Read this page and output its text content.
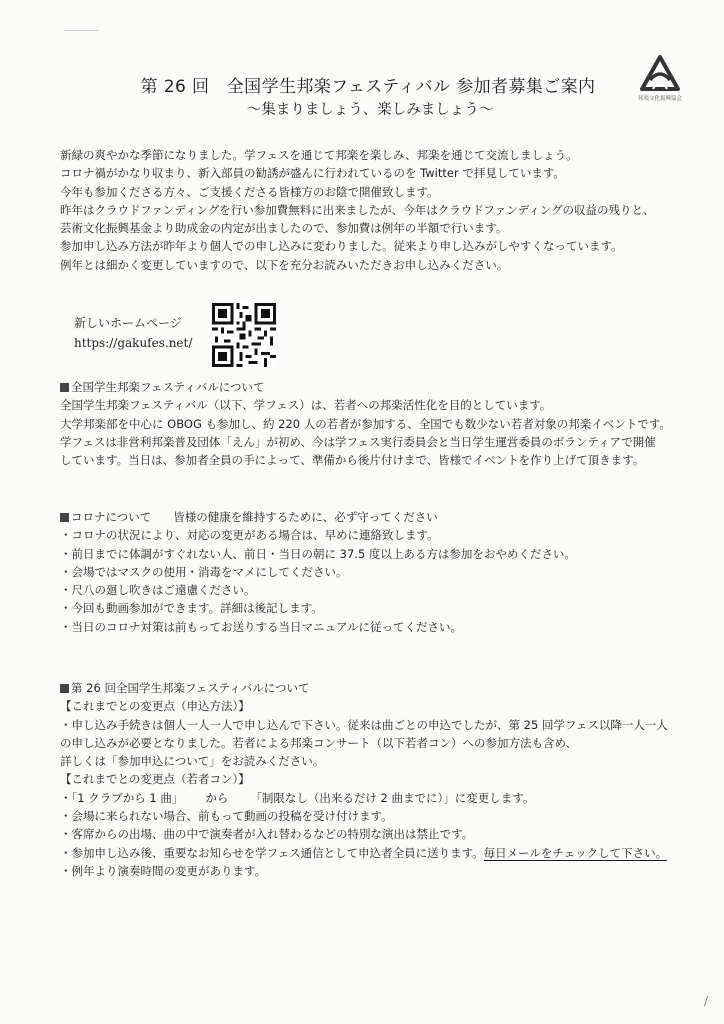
第 26 回　全国学生邦楽フェスティバル 参加者募集ご案内
〜集まりましょう、楽しみましょう〜
邦楽文化振興協会
新緑の爽やかな季節になりました。学フェスを通じて邦楽を楽しみ、邦楽を通じて交流しましょう。
コロナ禍がかなり収まり、新入部員の勧誘が盛んに行われているのを Twitter で拝見しています。
今年も参加くださる方々、ご支援くださる皆様方のお陰で開催致します。
昨年はクラウドファンディングを行い参加費無料に出来ましたが、今年はクラウドファンディングの収益の残りと、
芸術文化振興基金より助成金の内定が出ましたので、参加費は例年の半額で行います。
参加申し込み方法が昨年より個人での申し込みに変わりました。従来より申し込みがしやすくなっています。
例年とは細かく変更していますので、以下を充分お読みいただきお申し込みください。
新しいホームページ
https://gakufes.net/
全国学生邦楽フェスティバルについて
全国学生邦楽フェスティバル（以下、学フェス）は、若者への邦楽活性化を目的としています。
大学邦楽部を中心に OBOG も参加し、約 220 人の若者が参加する、全国でも数少ない若者対象の邦楽イベントです。
学フェスは非営利邦楽普及団体「えん」が初め、今は学フェス実行委員会と当日学生運営委員のボランティアで開催
しています。当日は、参加者全員の手によって、準備から後片付けまで、皆様でイベントを作り上げて頂きます。
コロナについて 皆様の健康を維持するために、必ず守ってください
・コロナの状況により、対応の変更がある場合は、早めに連絡致します。
・前日までに体調がすぐれない人、前日・当日の朝に 37.5 度以上ある方は参加をおやめください。
・会場ではマスクの使用・消毒をマメにしてください。
・尺八の廻し吹きはご遠慮ください。
・今回も動画参加ができます。詳細は後記します。
・当日のコロナ対策は前もってお送りする当日マニュアルに従ってください。
第 26 回全国学生邦楽フェスティバルについて
【これまでとの変更点（申込方法）】
・申し込み手続きは個人一人一人で申し込んで下さい。従来は曲ごとの申込でしたが、第 25 回学フェス以降一人一人
の申し込みが必要となりました。若者による邦楽コンサート（以下若者コン）への参加方法も含め、
詳しくは「参加申込について」をお読みください。
【これまでとの変更点（若者コン）】
・「1 クラブから 1 曲」 から 「制限なし（出来るだけ 2 曲までに）」に変更します。
・会場に来られない場合、前もって動画の投稿を受け付けます。
・客席からの出場、曲の中で演奏者が入れ替わるなどの特別な演出は禁止です。
・参加申し込み後、重要なお知らせを学フェス通信として申込者全員に送ります。毎日メールをチェックして下さい。
・例年より演奏時間の変更があります。
/
